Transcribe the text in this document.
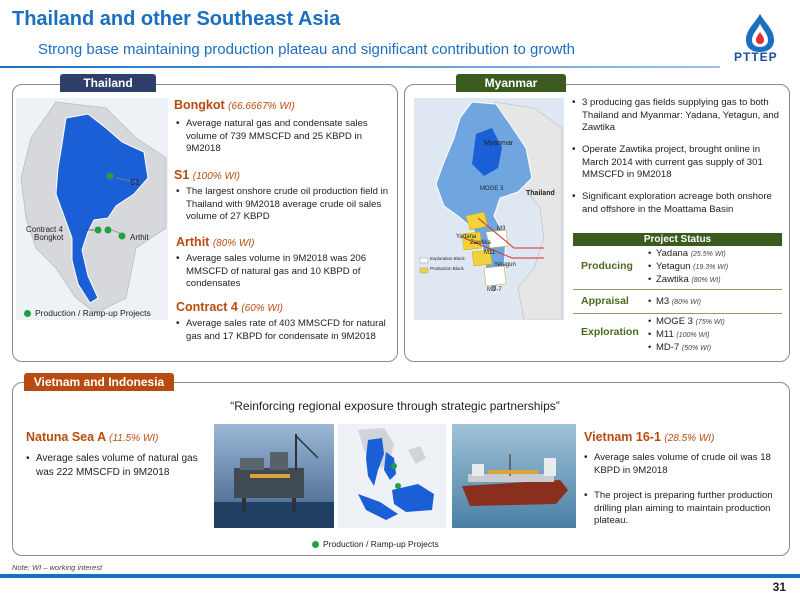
Thailand and other Southeast Asia
Strong base maintaining production plateau and significant contribution to growth	PTTEP
Thailand
S1
Contract 4
Bongkot	Arthit
Production / Ramp-up Projects
Bongkot (66.6667% WI)
• Average natural gas and condensate sales volume of 739 MMSCFD and 25 KBPD in 9M2018
S1 (100% WI)
• The largest onshore crude oil production field in Thailand with 9M2018 average crude oil sales volume of 27 KBPD
Arthit (80% WI)
• Average sales volume in 9M2018 was 206 MMSCFD of natural gas and 10 KBPD of condensates
Contract 4 (60% WI)
• Average sales rate of 403 MMSCFD for natural gas and 17 KBPD for condensate in 9M2018
Myanmar
Myanmar
Thailand
MOGE 3
M3
Yadana
Zawtika
M11
Yetagun
MD-7
Exploration Block
Production Block
• 3 producing gas fields supplying gas to both Thailand and Myanmar: Yadana, Yetagun, and Zawtika
• Operate Zawtika project, brought online in March 2014 with current gas supply of 301 MMSCFD in 9M2018
• Significant exploration acreage both onshore and offshore in the Moattama Basin
Project Status
Producing
• Yadana (25.5% WI)
• Yetagun (19.3% WI)
• Zawtika (80% WI)
Appraisal
•	M3 (80% WI)
Exploration
• MOGE 3 (75% WI)
• M11 (100% WI)
• MD-7 (50% WI)
Vietnam and Indonesia
“Reinforcing regional exposure through strategic partnerships”
Natuna Sea A (11.5% WI)
• Average sales volume of natural gas was 222 MMSCFD in 9M2018
Production / Ramp-up Projects
Vietnam 16-1 (28.5% WI)
• Average sales volume of crude oil was 18 KBPD in 9M2018
• The project is preparing further production drilling plan aiming to maintain production plateau.
Note: WI – working interest
31
